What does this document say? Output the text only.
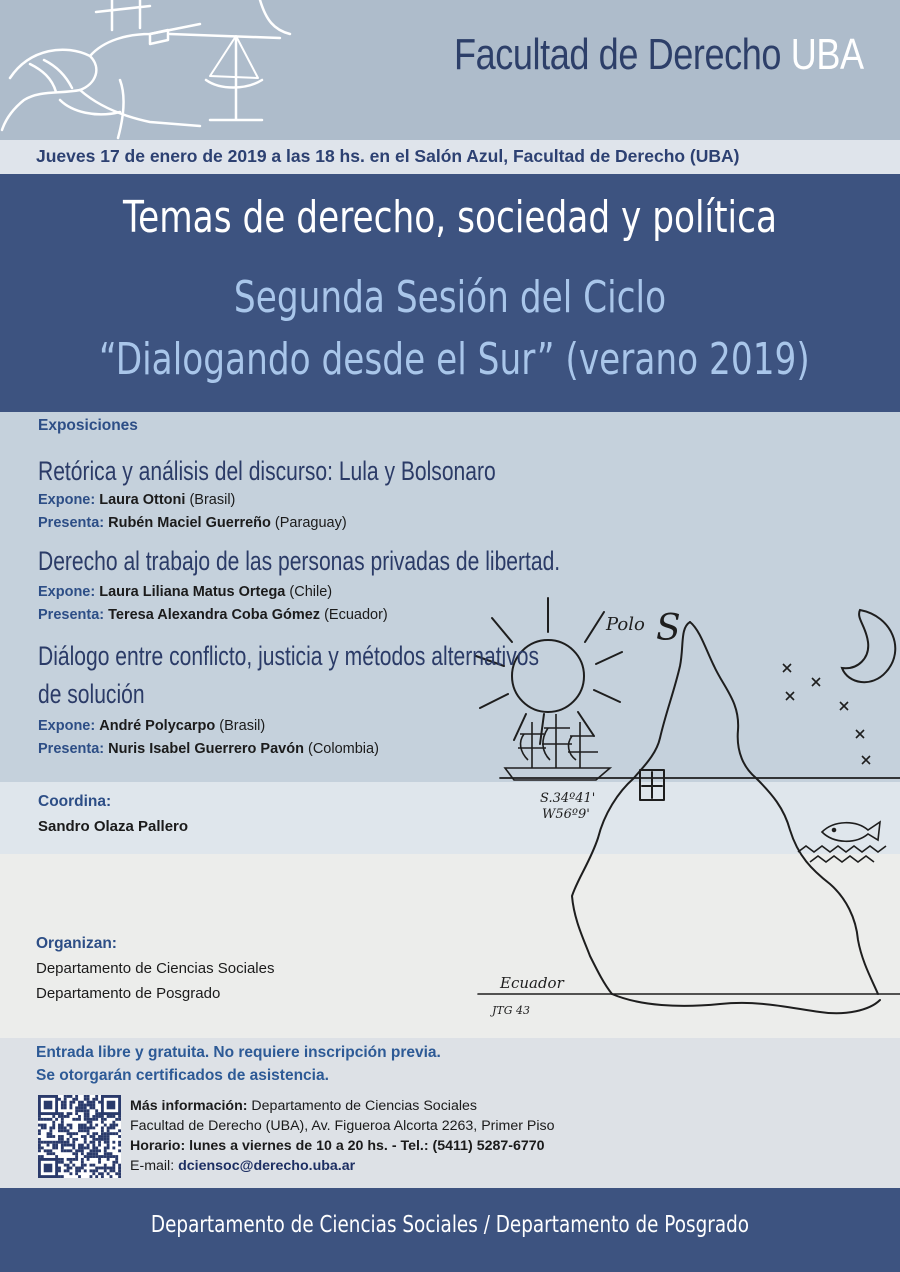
Polo S
S.34º41'
W56º9'
Ecuador
JTG 43
Facultad de Derecho UBA
Jueves 17 de enero de 2019 a las 18 hs. en el Salón Azul, Facultad de Derecho (UBA)
Temas de derecho, sociedad y política
Segunda Sesión del Ciclo
“Dialogando desde el Sur” (verano 2019)
Exposiciones
Retórica y análisis del discurso: Lula y Bolsonaro
Expone: Laura Ottoni (Brasil)
Presenta: Rubén Maciel Guerreño (Paraguay)
Derecho al trabajo de las personas privadas de libertad.
Expone: Laura Liliana Matus Ortega (Chile)
Presenta: Teresa Alexandra Coba Gómez (Ecuador)
Diálogo entre conflicto, justicia y métodos alternativos
de solución
Expone: André Polycarpo (Brasil)
Presenta: Nuris Isabel Guerrero Pavón (Colombia)
Coordina:
Sandro Olaza Pallero
Organizan:
Departamento de Ciencias Sociales
Departamento de Posgrado
Entrada libre y gratuita. No requiere inscripción previa.
Se otorgarán certificados de asistencia.
Más información: Departamento de Ciencias Sociales
Facultad de Derecho (UBA), Av. Figueroa Alcorta 2263, Primer Piso
Horario: lunes a viernes de 10 a 20 hs. - Tel.: (5411) 5287-6770
E-mail: dciensoc@derecho.uba.ar
Departamento de Ciencias Sociales / Departamento de Posgrado
